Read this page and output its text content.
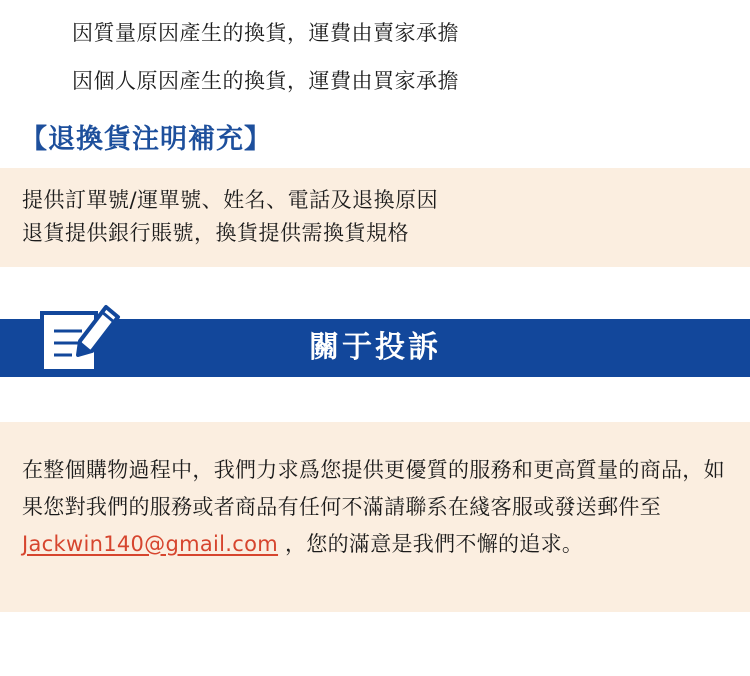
因質量原因產生的換貨，運費由賣家承擔
因個人原因產生的換貨，運費由買家承擔
【退換貨注明補充】
提供訂單號/運單號、姓名、電話及退換原因
退貨提供銀行賬號，換貨提供需換貨規格
關于投訴
在整個購物過程中，我們力求爲您提供更優質的服務和更高質量的商品，如果您對我們的服務或者商品有任何不滿請聯系在綫客服或發送郵件至 Jackwin140@gmail.com ，您的滿意是我們不懈的追求。
